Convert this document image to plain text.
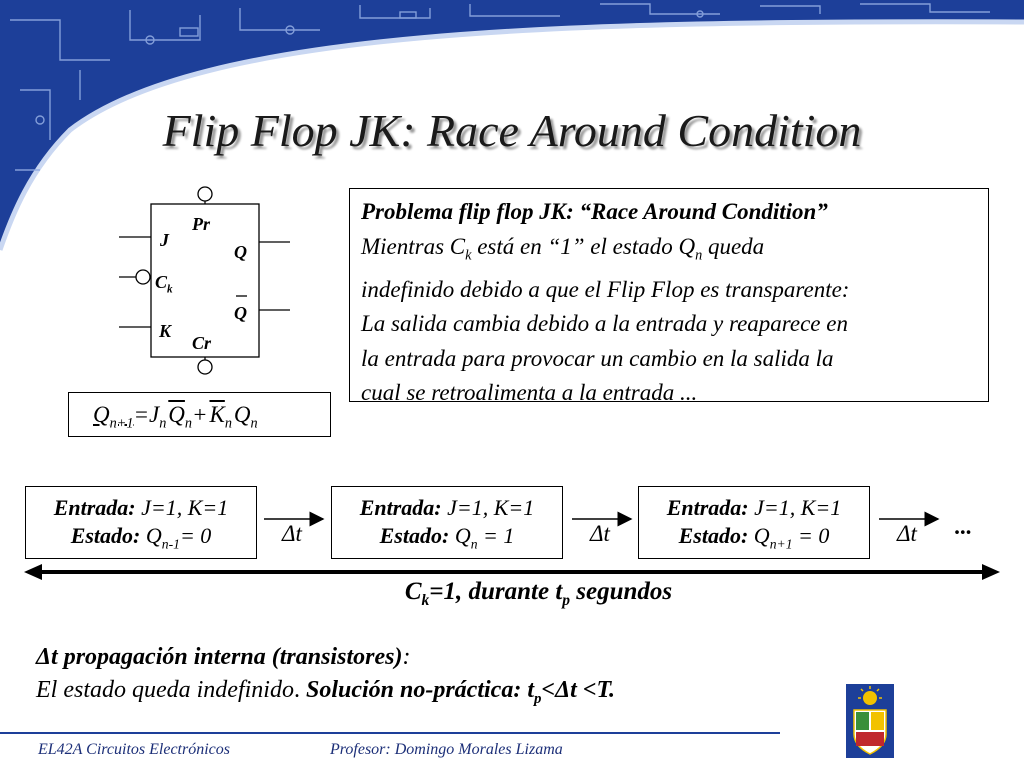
Flip Flop JK: Race Around Condition
Pr
J
Q
$C_k$
Q
K
Cr
$Q_{n+1}=J_n$ $\overline{Q}_n+$ $\overline{K}_n$ $Q_n$

Problema flip flop JK: “Race Around Condition”

Mientras $C_k$ está en “1” el estado $Q_n$ queda

indefinido debido a que el Flip Flop es transparente:

La salida cambia debido a la entrada y reaparece en

la entrada para provocar un cambio en la salida la

cual se retroalimenta a la entrada ...

Entrada: J=1, K=1
Estado: $Q_{n-1}= 0$
Entrada: J=1, K=1
Estado: $Q_n = 1$
Entrada: J=1, K=1
Estado: $Q_{n+1} = 0$
Δt	Δt	Δt ...
$C_k=1$, durante $t_p$ segundos
Δt propagación interna (transistores):
El estado queda indefinido. Solución no-práctica: $t_p<\Delta t <T$.
EL42A Circuitos Electrónicos	Profesor: Domingo Morales Lizama
